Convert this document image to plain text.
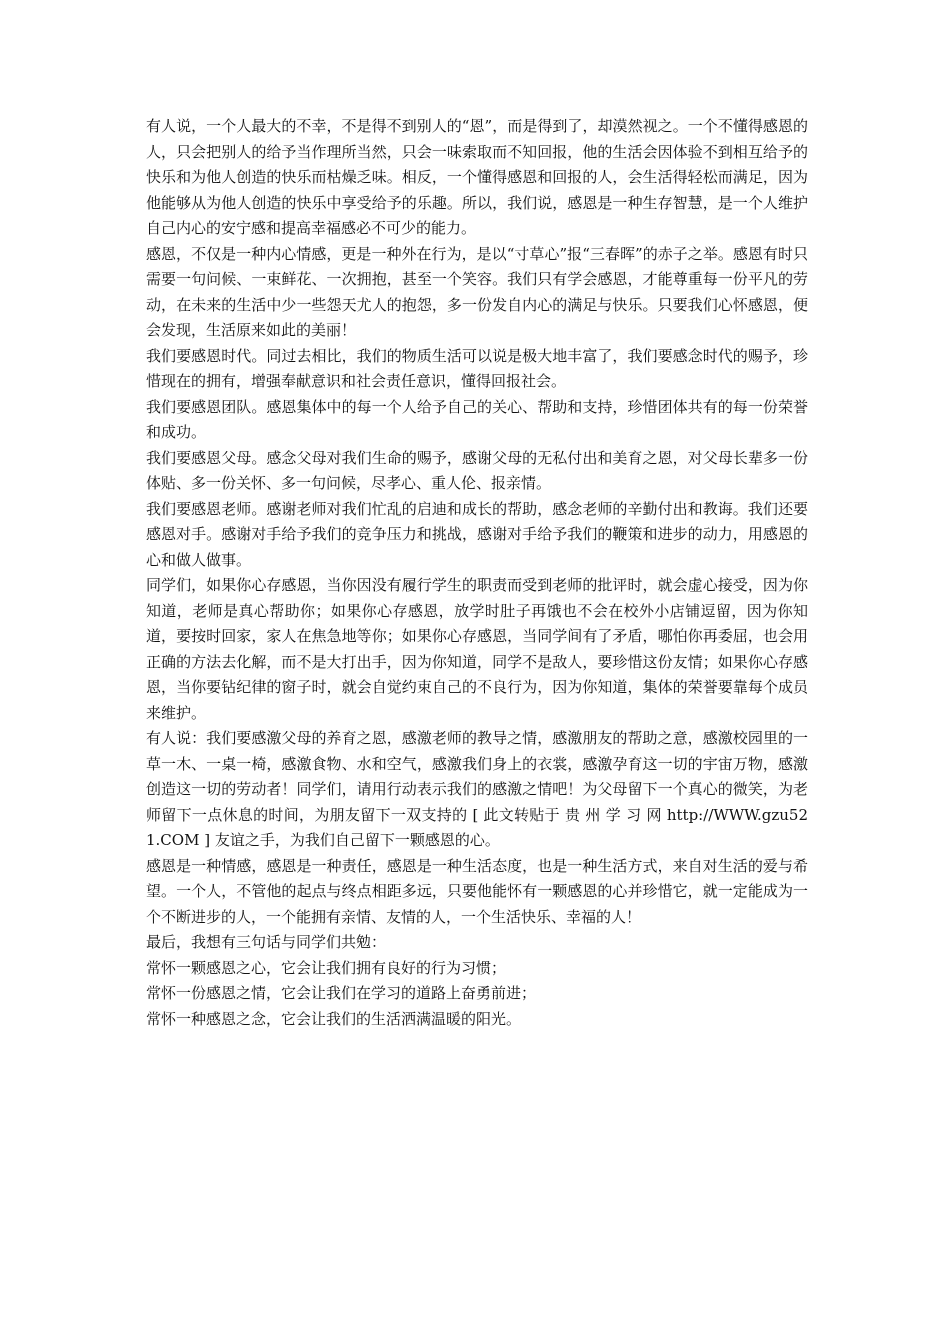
有人说，一个人最大的不幸，不是得不到别人的“恩”，而是得到了，却漠然视之。一个不懂得感恩的人，只会把别人的给予当作理所当然，只会一味索取而不知回报，他的生活会因体验不到相互给予的快乐和为他人创造的快乐而枯燥乏味。相反，一个懂得感恩和回报的人，会生活得轻松而满足，因为他能够从为他人创造的快乐中享受给予的乐趣。所以，我们说，感恩是一种生存智慧，是一个人维护自己内心的安宁感和提高幸福感必不可少的能力。

感恩，不仅是一种内心情感，更是一种外在行为，是以“寸草心”报“三春晖”的赤子之举。感恩有时只需要一句问候、一束鲜花、一次拥抱，甚至一个笑容。我们只有学会感恩，才能尊重每一份平凡的劳动，在未来的生活中少一些怨天尤人的抱怨，多一份发自内心的满足与快乐。只要我们心怀感恩，便会发现，生活原来如此的美丽！

我们要感恩时代。同过去相比，我们的物质生活可以说是极大地丰富了，我们要感念时代的赐予，珍惜现在的拥有，增强奉献意识和社会责任意识，懂得回报社会。

我们要感恩团队。感恩集体中的每一个人给予自己的关心、帮助和支持，珍惜团体共有的每一份荣誉和成功。

我们要感恩父母。感念父母对我们生命的赐予，感谢父母的无私付出和美育之恩，对父母长辈多一份体贴、多一份关怀、多一句问候，尽孝心、重人伦、报亲情。

我们要感恩老师。感谢老师对我们忙乱的启迪和成长的帮助，感念老师的辛勤付出和教诲。我们还要感恩对手。感谢对手给予我们的竞争压力和挑战，感谢对手给予我们的鞭策和进步的动力，用感恩的心和做人做事。

同学们，如果你心存感恩，当你因没有履行学生的职责而受到老师的批评时，就会虚心接受，因为你知道，老师是真心帮助你；如果你心存感恩，放学时肚子再饿也不会在校外小店铺逗留，因为你知道，要按时回家，家人在焦急地等你；如果你心存感恩，当同学间有了矛盾，哪怕你再委屈，也会用正确的方法去化解，而不是大打出手，因为你知道，同学不是敌人，要珍惜这份友情；如果你心存感恩，当你要钻纪律的窗子时，就会自觉约束自己的不良行为，因为你知道，集体的荣誉要靠每个成员来维护。

有人说：我们要感激父母的养育之恩，感激老师的教导之情，感激朋友的帮助之意，感激校园里的一草一木、一桌一椅，感激食物、水和空气，感激我们身上的衣裳，感激孕育这一切的宇宙万物，感激创造这一切的劳动者！同学们，请用行动表示我们的感激之情吧！为父母留下一个真心的微笑，为老师留下一点休息的时间，为朋友留下一双支持的 [ 此文转贴于 贵 州 学 习 网 http://WWW.gzu521.COM ] 友谊之手，为我们自己留下一颗感恩的心。

感恩是一种情感，感恩是一种责任，感恩是一种生活态度，也是一种生活方式，来自对生活的爱与希望。一个人，不管他的起点与终点相距多远，只要他能怀有一颗感恩的心并珍惜它，就一定能成为一个不断进步的人，一个能拥有亲情、友情的人，一个生活快乐、幸福的人！

最后，我想有三句话与同学们共勉：

常怀一颗感恩之心，它会让我们拥有良好的行为习惯；

常怀一份感恩之情，它会让我们在学习的道路上奋勇前进；

常怀一种感恩之念，它会让我们的生活洒满温暖的阳光。
